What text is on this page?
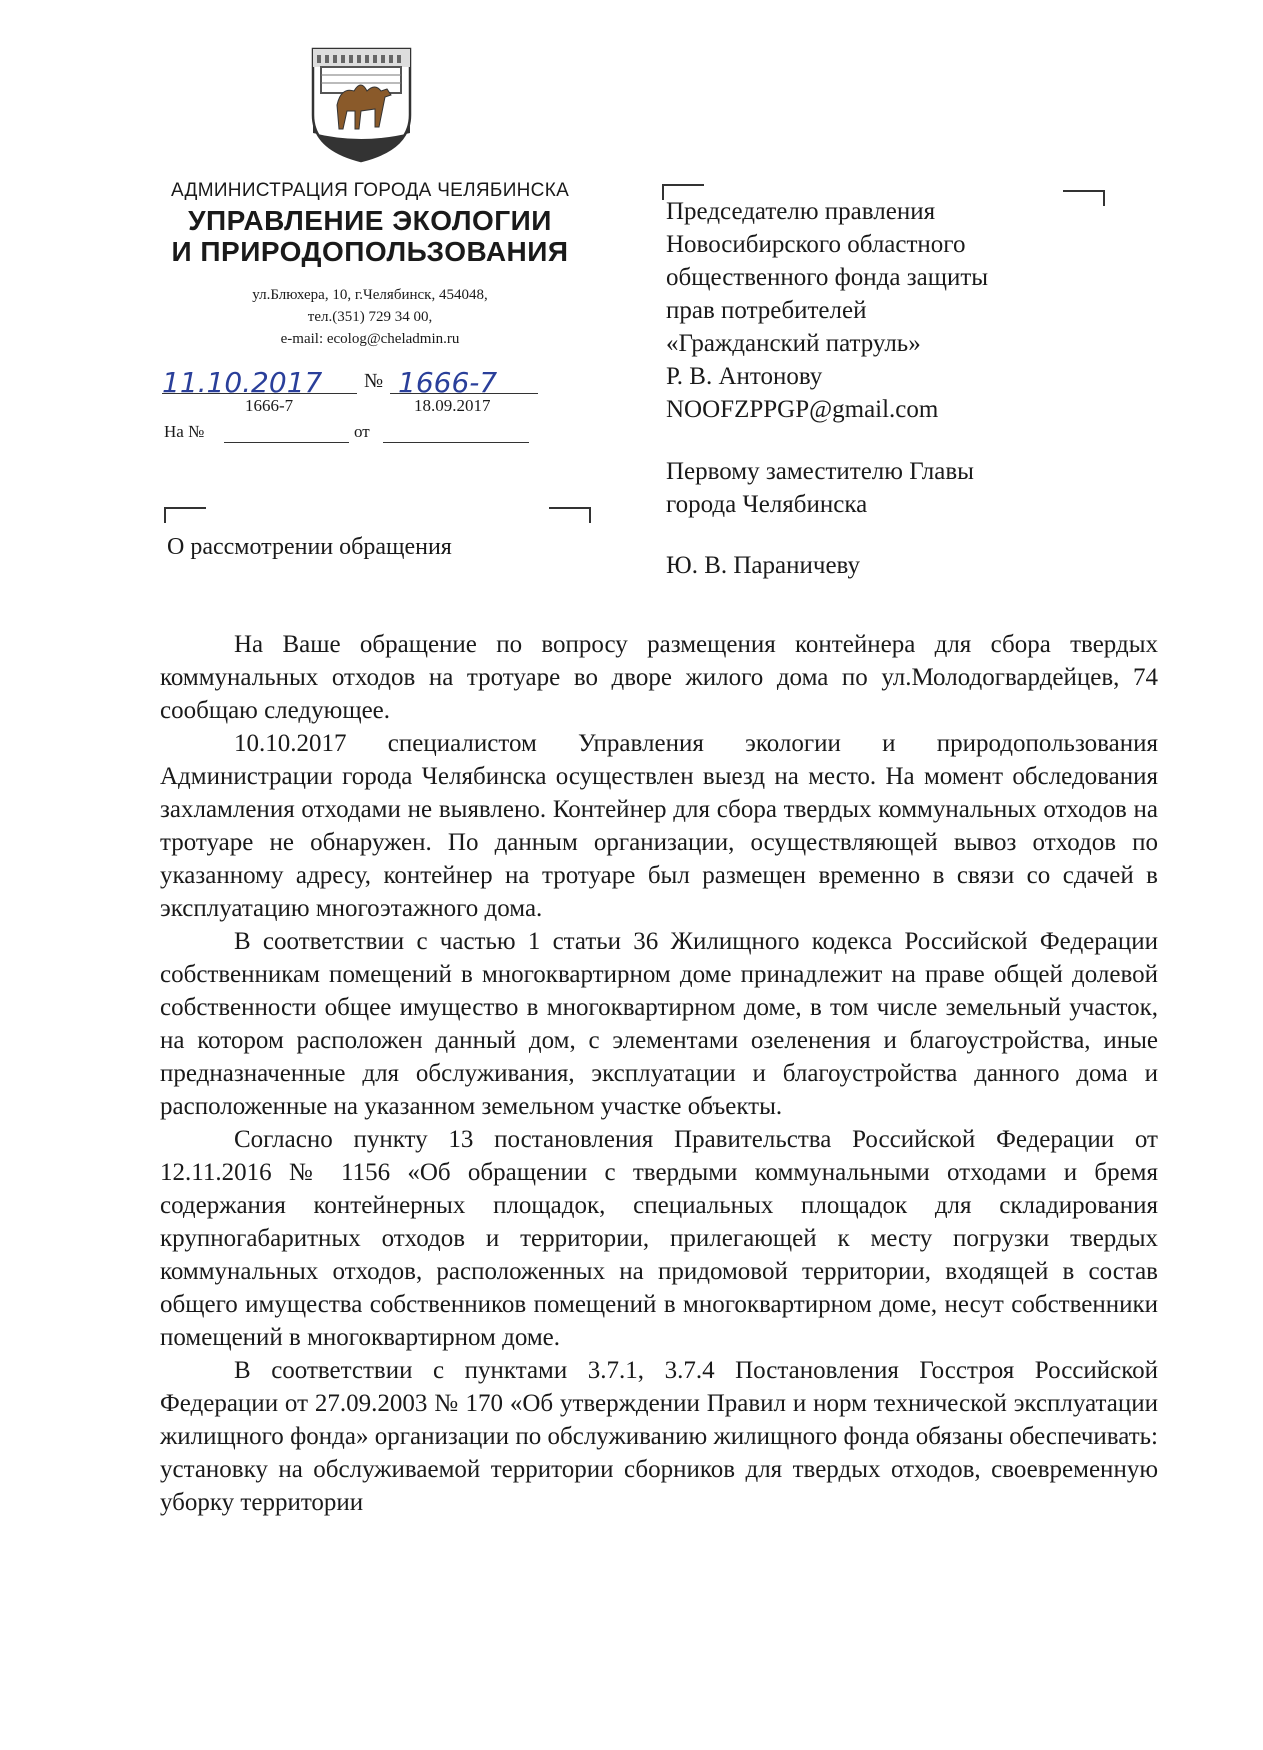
АДМИНИСТРАЦИЯ ГОРОДА ЧЕЛЯБИНСКА
УПРАВЛЕНИЕ ЭКОЛОГИИ
И ПРИРОДОПОЛЬЗОВАНИЯ
ул.Блюхера, 10, г.Челябинск, 454048,
тел.(351) 729 34 00,
e-mail: ecolog@cheladmin.ru
11.10.2017 № 1666-7
1666-7	18.09.2017
На №	от
Председателю правления
Новосибирского областного
общественного фонда защиты
прав потребителей
«Гражданский патруль»
Р. В. Антонову
NOOFZPPGP@gmail.com
Первому заместителю Главы
города Челябинска
Ю. В. Параничеву
О рассмотрении обращения

На Ваше обращение по вопросу размещения контейнера для сбора твердых коммунальных отходов на тротуаре во дворе жилого дома по ул.Молодогвардейцев, 74 сообщаю следующее.

10.10.2017 специалистом Управления экологии и природопользования Администрации города Челябинска осуществлен выезд на место. На момент обследования захламления отходами не выявлено. Контейнер для сбора твердых коммунальных отходов на тротуаре не обнаружен. По данным организации, осуществляющей вывоз отходов по указанному адресу, контейнер на тротуаре был размещен временно в связи со сдачей в эксплуатацию многоэтажного дома.

В соответствии с частью 1 статьи 36 Жилищного кодекса Российской Федерации собственникам помещений в многоквартирном доме принадлежит на праве общей долевой собственности общее имущество в многоквартирном доме, в том числе земельный участок, на котором расположен данный дом, с элементами озеленения и благоустройства, иные предназначенные для обслуживания, эксплуатации и благоустройства данного дома и расположенные на указанном земельном участке объекты.

Согласно пункту 13 постановления Правительства Российской Федерации от 12.11.2016 № 1156 «Об обращении с твердыми коммунальными отходами и бремя содержания контейнерных площадок, специальных площадок для складирования крупногабаритных отходов и территории, прилегающей к месту погрузки твердых коммунальных отходов, расположенных на придомовой территории, входящей в состав общего имущества собственников помещений в многоквартирном доме, несут собственники помещений в многоквартирном доме.

В соответствии с пунктами 3.7.1, 3.7.4 Постановления Госстроя Российской Федерации от 27.09.2003 № 170 «Об утверждении Правил и норм технической эксплуатации жилищного фонда» организации по обслуживанию жилищного фонда обязаны обеспечивать: установку на обслуживаемой территории сборников для твердых отходов, своевременную уборку территории
